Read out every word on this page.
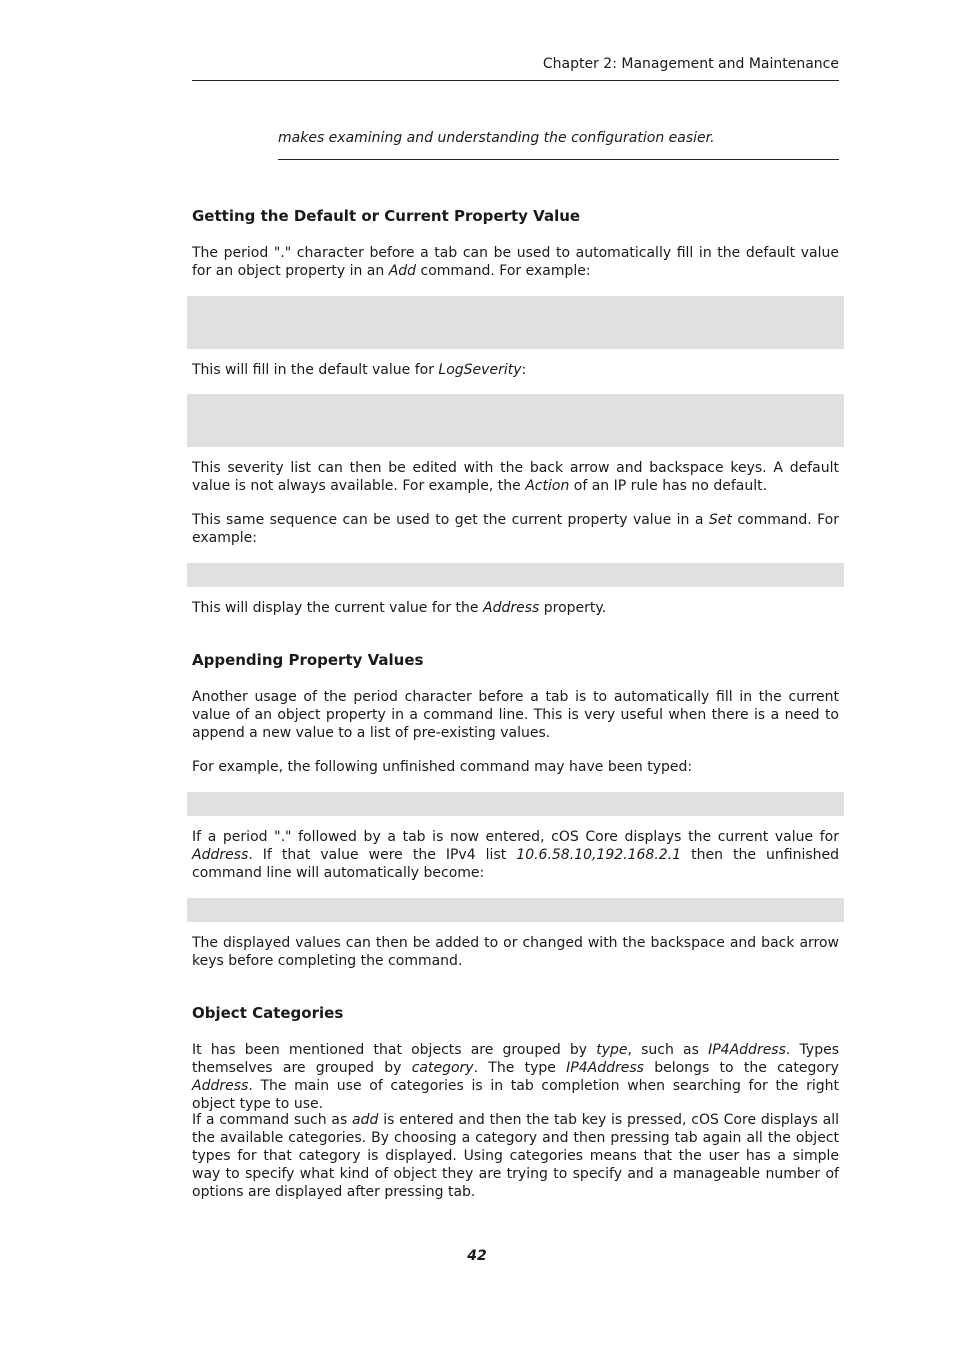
Chapter 2: Management and Maintenance
makes examining and understanding the configuration easier.
Getting the Default or Current Property Value

The period "." character before a tab can be used to automatically fill in the default value for an object property in an Add command. For example:

This will fill in the default value for LogSeverity:

This severity list can then be edited with the back arrow and backspace keys. A default value is not always available. For example, the Action of an IP rule has no default.

This same sequence can be used to get the current property value in a Set command. For example:

This will display the current value for the Address property.

Appending Property Values

Another usage of the period character before a tab is to automatically fill in the current value of an object property in a command line. This is very useful when there is a need to append a new value to a list of pre-existing values.

For example, the following unfinished command may have been typed:

If a period "." followed by a tab is now entered, cOS Core displays the current value for Address. If that value were the IPv4 list 10.6.58.10,192.168.2.1 then the unfinished command line will automatically become:

The displayed values can then be added to or changed with the backspace and back arrow keys before completing the command.

Object Categories

It has been mentioned that objects are grouped by type, such as IP4Address. Types themselves are grouped by category. The type IP4Address belongs to the category Address. The main use of categories is in tab completion when searching for the right object type to use.

If a command such as add is entered and then the tab key is pressed, cOS Core displays all the available categories. By choosing a category and then pressing tab again all the object types for that category is displayed. Using categories means that the user has a simple way to specify what kind of object they are trying to specify and a manageable number of options are displayed after pressing tab.

42
